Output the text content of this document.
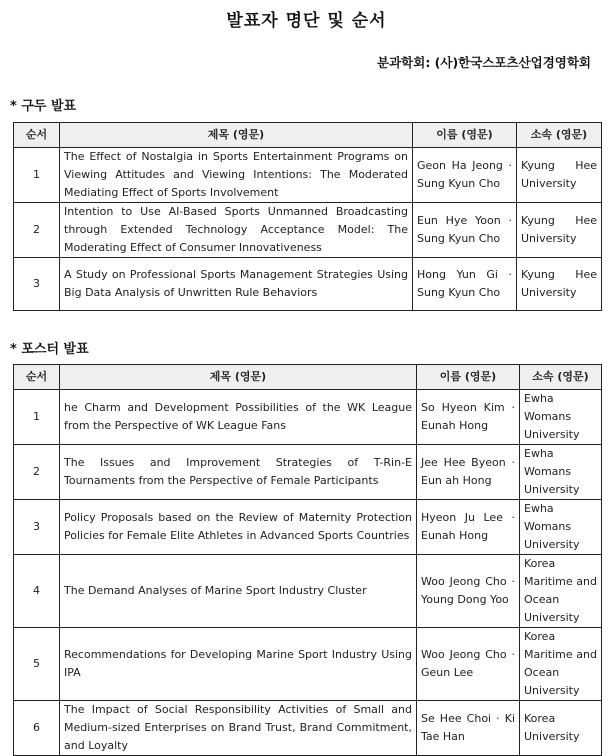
발표자 명단 및 순서
분과학회: (사)한국스포츠산업경영학회
* 구두 발표
순서	제목 (영문)	이름 (영문)	소속 (영문)
1	The Effect of Nostalgia in Sports Entertainment Programs on Viewing Attitudes and Viewing Intentions: The Moderated Mediating Effect of Sports Involvement	Geon Ha Jeong · Sung Kyun Cho	Kyung Hee University
2	Intention to Use AI-Based Sports Unmanned Broadcasting through Extended Technology Acceptance Model: The Moderating Effect of Consumer Innovativeness	Eun Hye Yoon · Sung Kyun Cho	Kyung Hee University
3	A Study on Professional Sports Management Strategies Using Big Data Analysis of Unwritten Rule Behaviors	Hong Yun Gi · Sung Kyun Cho	Kyung Hee University
* 포스터 발표
순서	제목 (영문)	이름 (영문)	소속 (영문)
1	he Charm and Development Possibilities of the WK League from the Perspective of WK League Fans	So Hyeon Kim · Eunah Hong	Ewha Womans University
2	The Issues and Improvement Strategies of T-Rin-E Tournaments from the Perspective of Female Participants	Jee Hee Byeon · Eun ah Hong	Ewha Womans University
3	Policy Proposals based on the Review of Maternity Protection Policies for Female Elite Athletes in Advanced Sports Countries	Hyeon Ju Lee · Eunah Hong	Ewha Womans University
4	The Demand Analyses of Marine Sport Industry Cluster	Woo Jeong Cho · Young Dong Yoo	Korea Maritime and Ocean University
5	Recommendations for Developing Marine Sport Industry Using IPA	Woo Jeong Cho · Geun Lee	Korea Maritime and Ocean University
6	The Impact of Social Responsibility Activities of Small and Medium-sized Enterprises on Brand Trust, Brand Commitment, and Loyalty	Se Hee Choi · Ki Tae Han	Korea University
